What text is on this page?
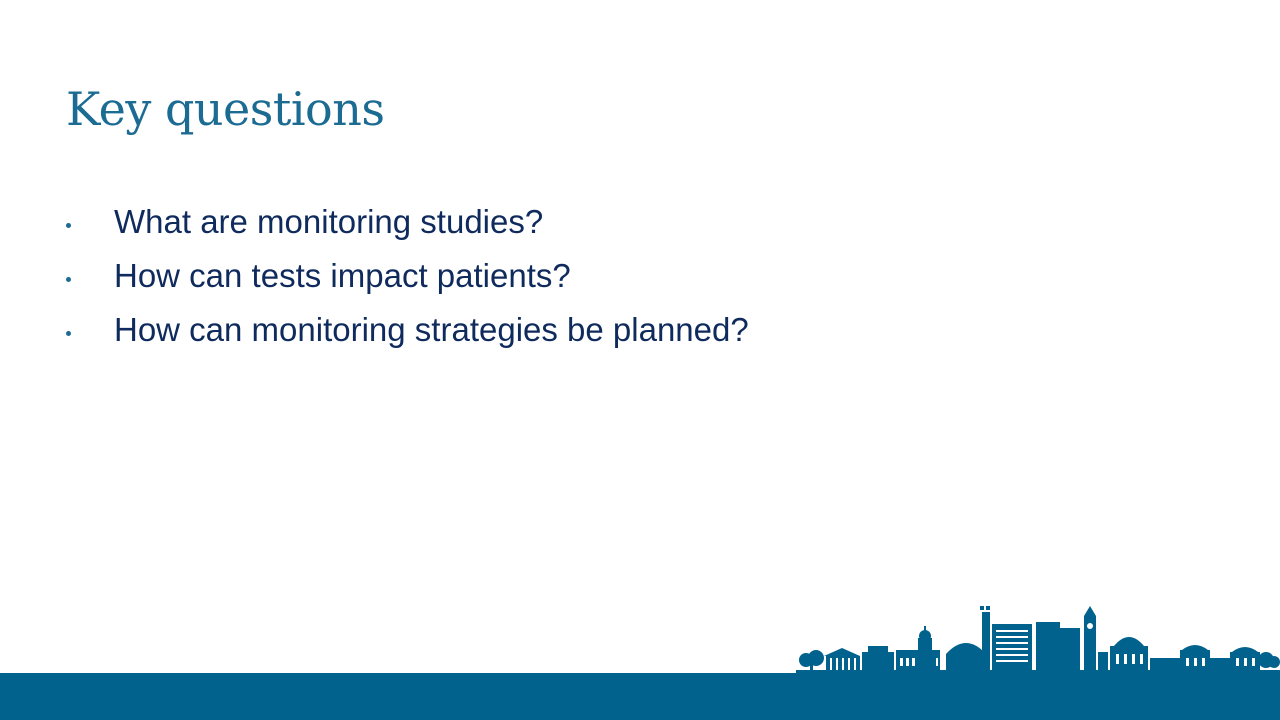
Key questions
What are monitoring studies?
How can tests impact patients?
How can monitoring strategies be planned?
